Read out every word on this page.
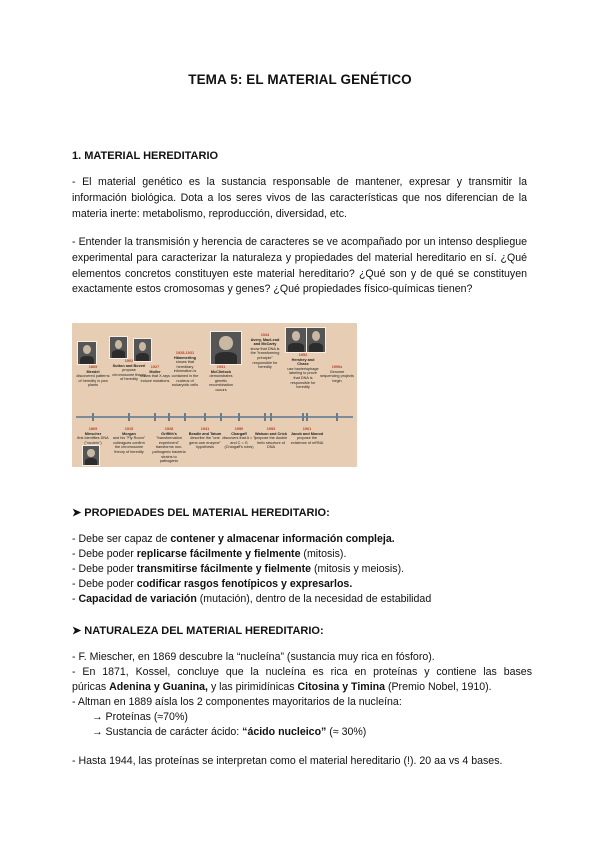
TEMA 5: EL MATERIAL GENÉTICO
1. MATERIAL HEREDITARIO
- El material genético es la sustancia responsable de mantener, expresar y transmitir la información biológica. Dota a los seres vivos de las características que nos diferencian de la materia inerte: metabolismo, reproducción, diversidad, etc.
- Entender la transmisión y herencia de caracteres se ve acompañado por un intenso despliegue experimental para caracterizar la naturaleza y propiedades del material hereditario en sí. ¿Qué elementos concretos constituyen este material hereditario? ¿Qué son y de qué se constituyen exactamente estos cromosomas y genes? ¿Qué propiedades físico-químicas tienen?
1865
Mendel
discovered patterns of heredity in pea plants
1902
Sutton and Boveri
propose chromosome theory of heredity
1927
Muller
shows that X-rays induce mutations
1928-1931
Hämmerling
shows that hereditary information is contained in the nucleus of eukaryotic cells
1931
McClintock
demonstrates genetic recombination occurs
1944
Avery, MacLeod and McCarty
show that DNA is the "transforming principle" responsible for heredity
1952
Hershey and Chase
use bacteriophage labeling to prove that DNA is responsible for heredity
1990s
Genome sequencing projects begin
1869
Miescher
first identifies DNA ("nuclein")
1915
Morgan
and his "Fly Room" colleagues confirm the chromosome theory of heredity
1928
Griffith's
"transformation experiment" transforms non-pathogenic bacteria strains to pathogenic
1941
Beadle and Tatum
describe the "one gene-one enzyme" hypothesis
1950
Chargaff
discovers that A = T and C = G (Chargaff's rules)
1953
Watson and Crick
propose the double helix structure of DNA
1961
Jacob and Monod
propose the existence of mRNA
➤ PROPIEDADES DEL MATERIAL HEREDITARIO:
- Debe ser capaz de contener y almacenar información compleja.
- Debe poder replicarse fácilmente y fielmente (mitosis).
- Debe poder transmitirse fácilmente y fielmente (mitosis y meiosis).
- Debe poder codificar rasgos fenotípicos y expresarlos.
- Capacidad de variación (mutación), dentro de la necesidad de estabilidad
➤ NATURALEZA DEL MATERIAL HEREDITARIO:
- F. Miescher, en 1869 descubre la “nucleína” (sustancia muy rica en fósforo).
- En 1871, Kossel, concluye que la nucleína es rica en proteínas y contiene las bases
púricas Adenina y Guanina, y las pirimidínicas Citosina y Timina (Premio Nobel, 1910).
- Altman en 1889 aísla los 2 componentes mayoritarios de la nucleína:
→ Proteínas (≈70%)
→ Sustancia de carácter ácido: “ácido nucleico” (≈ 30%)
- Hasta 1944, las proteínas se interpretan como el material hereditario (!). 20 aa vs 4 bases.
